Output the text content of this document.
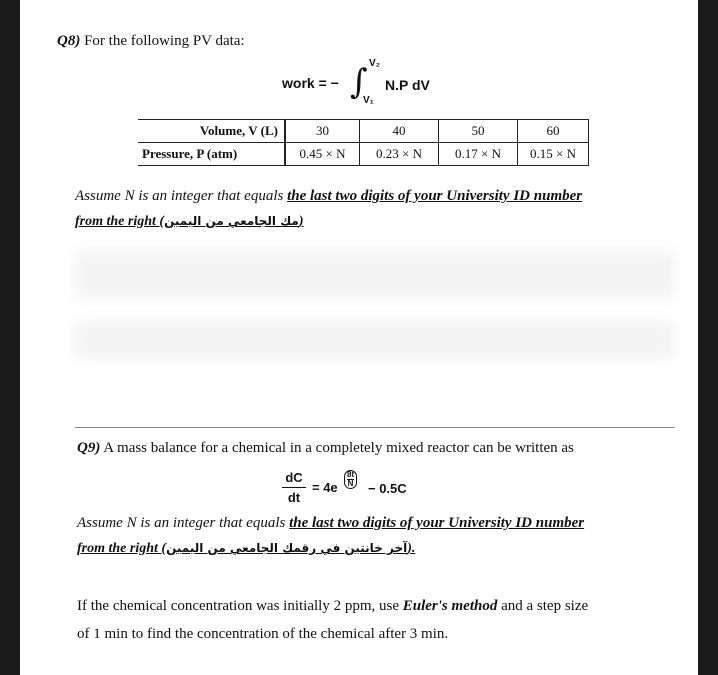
Q8) For the following PV data:
work = − ∫ V₂
V₁
N.P dV
Volume, V (L)	30	40	50	60
Pressure, P (atm)	0.45 × N	0.23 × N	0.17 × N	0.15 × N
Assume N is an integer that equals the last two digits of your University ID number
from the right (مك الجامعي من اليمين)
Q9) A mass balance for a chemical in a completely mixed reactor can be written as
dC
dt
= $4e \frac{8t}{N} - 0.5C$
Assume N is an integer that equals the last two digits of your University ID number
from the right (آخر خانتين في رقمك الجامعي من اليمين).
If the chemical concentration was initially 2 ppm, use Euler's method and a step size
of 1 min to find the concentration of the chemical after 3 min.
